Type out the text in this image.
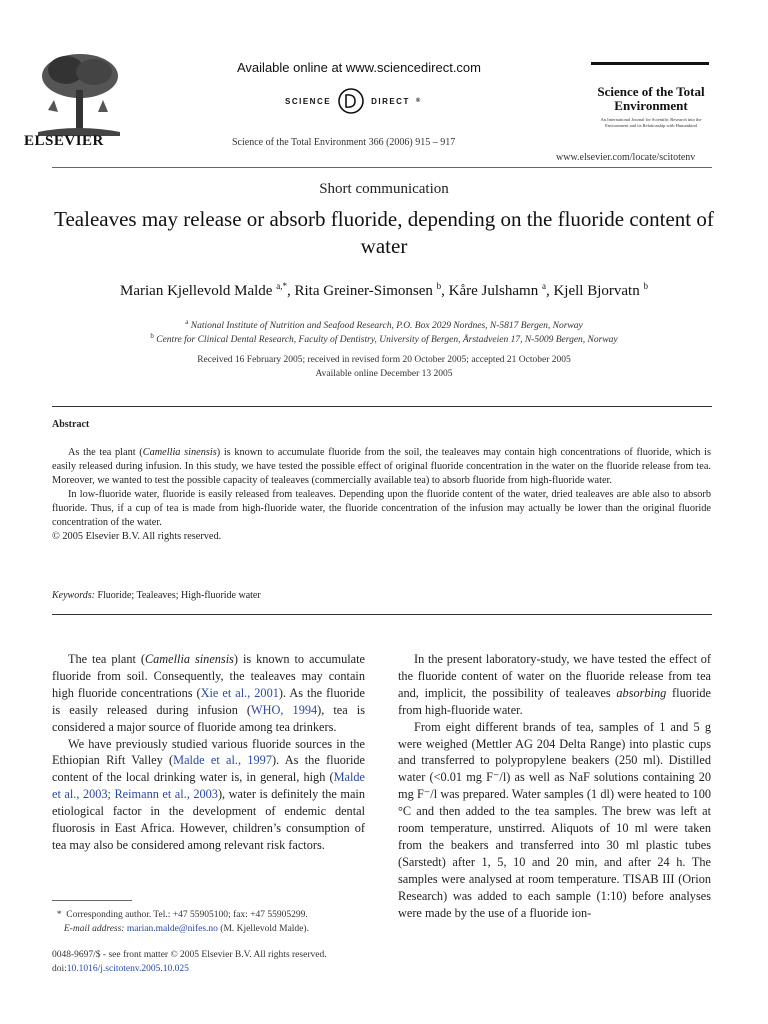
ELSEVIER
Available online at www.sciencedirect.com
SCIENCE	DIRECT ®
Science of the Total Environment 366 (2006) 915 – 917
Science of the Total Environment
An International Journal for Scientific Research into the Environment and its Relationship with Humankind
www.elsevier.com/locate/scitotenv
Short communication
Tealeaves may release or absorb fluoride, depending on the fluoride content of water
Marian Kjellevold Malde $^{a,*}$, Rita Greiner-Simonsen $^b$, Kåre Julshamn $^a$, Kjell Bjorvatn $^b$
$^a$ National Institute of Nutrition and Seafood Research, P.O. Box 2029 Nordnes, N-5817 Bergen, Norway
$^b$ Centre for Clinical Dental Research, Faculty of Dentistry, University of Bergen, Årstadveien 17, N-5009 Bergen, Norway
Received 16 February 2005; received in revised form 20 October 2005; accepted 21 October 2005
Available online December 13 2005
Abstract

As the tea plant (Camellia sinensis) is known to accumulate fluoride from the soil, the tealeaves may contain high concentrations of fluoride, which is easily released during infusion. In this study, we have tested the possible effect of original fluoride concentration in the water on the fluoride release from tea. Moreover, we wanted to test the possible capacity of tealeaves (commercially available tea) to absorb fluoride from high-fluoride water.

In low-fluoride water, fluoride is easily released from tealeaves. Depending upon the fluoride content of the water, dried tealeaves are able also to absorb fluoride. Thus, if a cup of tea is made from high-fluoride water, the fluoride concentration of the infusion may actually be lower than the original fluoride concentration of the water.

© 2005 Elsevier B.V. All rights reserved.

Keywords: Fluoride; Tealeaves; High-fluoride water

The tea plant (Camellia sinensis) is known to accumulate fluoride from soil. Consequently, the tealeaves may contain high fluoride concentrations (Xie et al., 2001). As the fluoride is easily released during infusion (WHO, 1994), tea is considered a major source of fluoride among tea drinkers.

We have previously studied various fluoride sources in the Ethiopian Rift Valley (Malde et al., 1997). As the fluoride content of the local drinking water is, in general, high (Malde et al., 2003; Reimann et al., 2003), water is definitely the main etiological factor in the development of endemic dental fluorosis in East Africa. However, children’s consumption of tea may also be considered among relevant risk factors.

In the present laboratory-study, we have tested the effect of the fluoride content of water on the fluoride release from tea and, implicit, the possibility of tealeaves absorbing fluoride from high-fluoride water.

From eight different brands of tea, samples of 1 and 5 g were weighed (Mettler AG 204 Delta Range) into plastic cups and transferred to polypropylene beakers (250 ml). Distilled water (<0.01 mg F⁻/l) as well as NaF solutions containing 20 mg F⁻/l was prepared. Water samples (1 dl) were heated to 100 °C and then added to the tea samples. The brew was left at room temperature, unstirred. Aliquots of 10 ml were taken from the beakers and transferred into 30 ml plastic tubes (Sarstedt) after 1, 5, 10 and 20 min, and after 24 h. The samples were analysed at room temperature. TISAB III (Orion Research) was added to each sample (1:10) before analyses were made by the use of a fluoride ion-

* Corresponding author. Tel.: +47 55905100; fax: +47 55905299.
E-mail address: marian.malde@nifes.no (M. Kjellevold Malde).
0048-9697/$ - see front matter © 2005 Elsevier B.V. All rights reserved.
doi:10.1016/j.scitotenv.2005.10.025
